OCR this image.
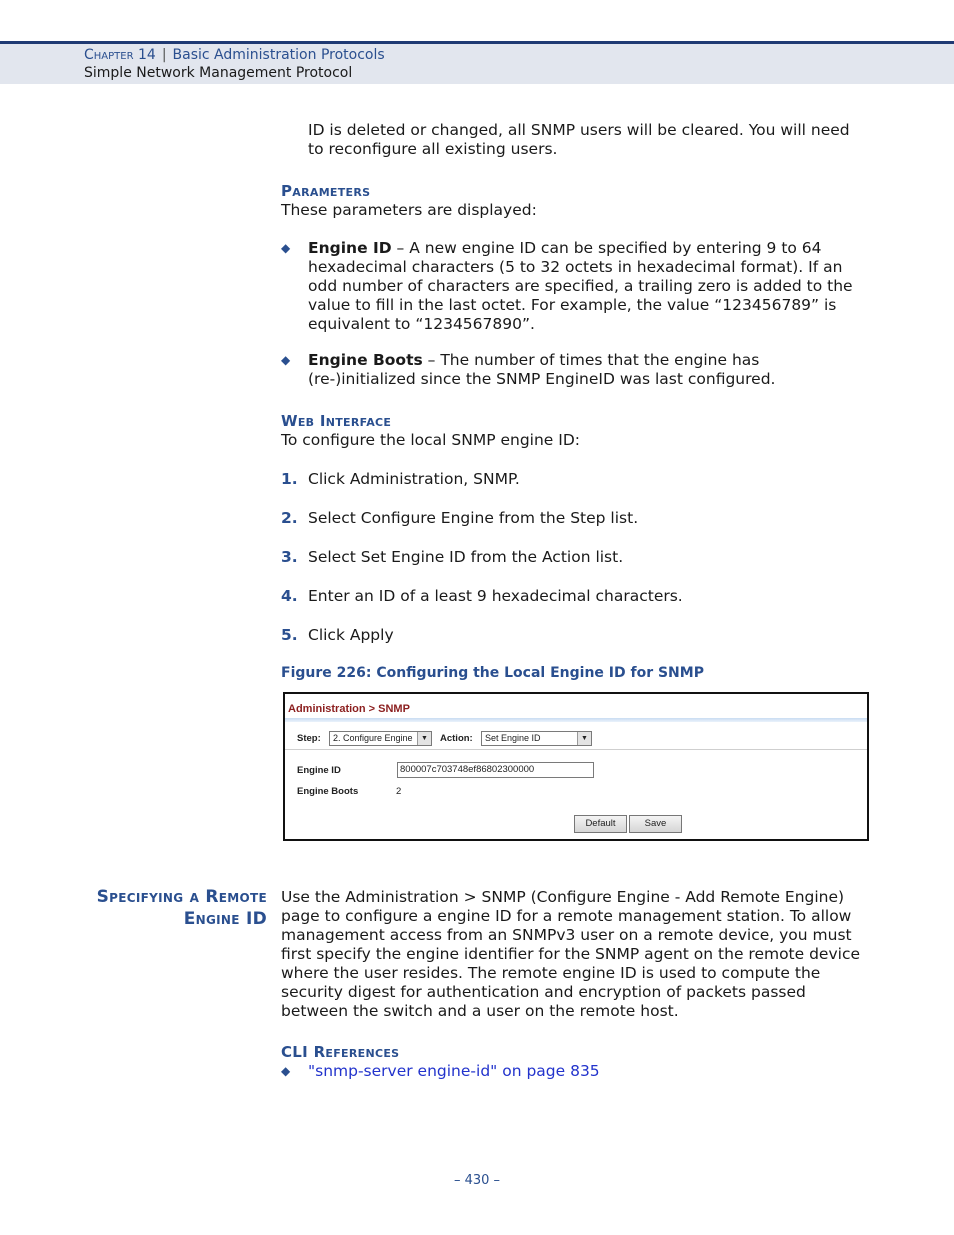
Chapter 14 | Basic Administration Protocols
Simple Network Management Protocol
ID is deleted or changed, all SNMP users will be cleared. You will need to reconfigure all existing users.
Parameters
These parameters are displayed:
◆ Engine ID – A new engine ID can be specified by entering 9 to 64 hexadecimal characters (5 to 32 octets in hexadecimal format). If an odd number of characters are specified, a trailing zero is added to the value to fill in the last octet. For example, the value “123456789” is equivalent to “1234567890”.
◆ Engine Boots – The number of times that the engine has (re-)initialized since the SNMP EngineID was last configured.
Web Interface
To configure the local SNMP engine ID:
1. Click Administration, SNMP.
2. Select Configure Engine from the Step list.
3. Select Set Engine ID from the Action list.
4. Enter an ID of a least 9 hexadecimal characters.
5. Click Apply
Figure 226: Configuring the Local Engine ID for SNMP
Administration > SNMP
Step:	2. Configure Engine	▼	Action:	Set Engine ID	▼
Engine ID	800007c703748ef86802300000
Engine Boots	2
Default	Save
Specifying a Remote
Engine ID
Use the Administration > SNMP (Configure Engine - Add Remote Engine) page to configure a engine ID for a remote management station. To allow management access from an SNMPv3 user on a remote device, you must first specify the engine identifier for the SNMP agent on the remote device where the user resides. The remote engine ID is used to compute the security digest for authentication and encryption of packets passed between the switch and a user on the remote host.
CLI References
◆ "snmp-server engine-id" on page 835
– 430 –
